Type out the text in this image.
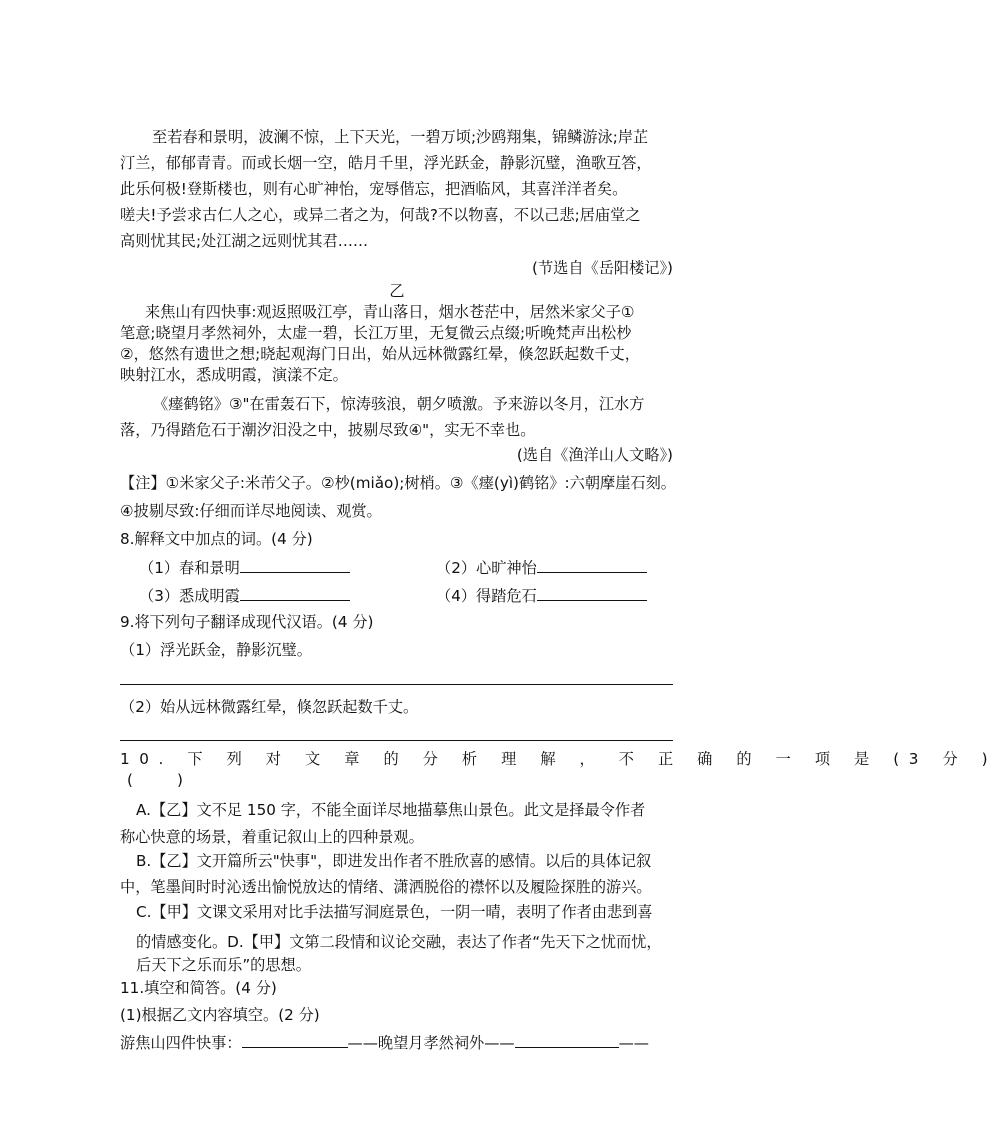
至若春和景明，波澜不惊，上下天光，一碧万顷;沙鸥翔集，锦鳞游泳;岸芷
汀兰，郁郁青青。而或长烟一空，皓月千里，浮光跃金，静影沉璧，渔歌互答，
此乐何极!登斯楼也，则有心旷神怡，宠辱偕忘，把酒临风，其喜洋洋者矣。
嗟夫!予尝求古仁人之心，或异二者之为，何哉?不以物喜，不以己悲;居庙堂之
高则忧其民;处江湖之远则忧其君……
(节选自《岳阳楼记》)
乙
来焦山有四快事:观返照吸江亭，青山落日，烟水苍茫中，居然米家父子①
笔意;晓望月孝然祠外，太虚一碧，长江万里，无复微云点缀;听晚梵声出松杪
②，悠然有遗世之想;晓起观海门日出，始从远林微露红晕，倏忽跃起数千丈，
映射江水，悉成明霞，演漾不定。
《瘗鹤铭》③"在雷轰石下，惊涛骇浪，朝夕喷激。予来游以冬月，江水方
落，乃得踏危石于潮汐汨没之中，披剔尽致④"，实无不幸也。
(选自《渔洋山人文略》)
【注】①米家父子:米芾父子。②杪(miǎo);树梢。③《瘗(yì)鹤铭》:六朝摩崖石刻。
④披剔尽致:仔细而详尽地阅读、观赏。
8.解释文中加点的词。(4 分)
（1）春和景明	（2）心旷神怡
（3）悉成明霞	（4）得踏危石
9.将下列句子翻译成现代汉语。(4 分)
（1）浮光跃金，静影沉璧。
（2）始从远林微露红晕，倏忽跃起数千丈。
10. 下 列 对 文 章 的 分 析 理 解 ， 不 正 确 的 一 项 是 (3 分 )
(	)
A.【乙】文不足 150 字，不能全面详尽地描摹焦山景色。此文是择最令作者
称心快意的场景，着重记叙山上的四种景观。
B.【乙】文开篇所云"快事"，即进发出作者不胜欣喜的感情。以后的具体记叙
中，笔墨间时时沁透出愉悦放达的情绪、潇洒脱俗的襟怀以及履险探胜的游兴。
C.【甲】文课文采用对比手法描写洞庭景色，一阴一晴，表明了作者由悲到喜
的情感变化。D.【甲】文第二段情和议论交融，表达了作者“先天下之忧而忧，
后天下之乐而乐”的思想。
11.填空和简答。(4 分)
(1)根据乙文内容填空。(2 分)
游焦山四件快事：	——晚望月孝然祠外——	——
